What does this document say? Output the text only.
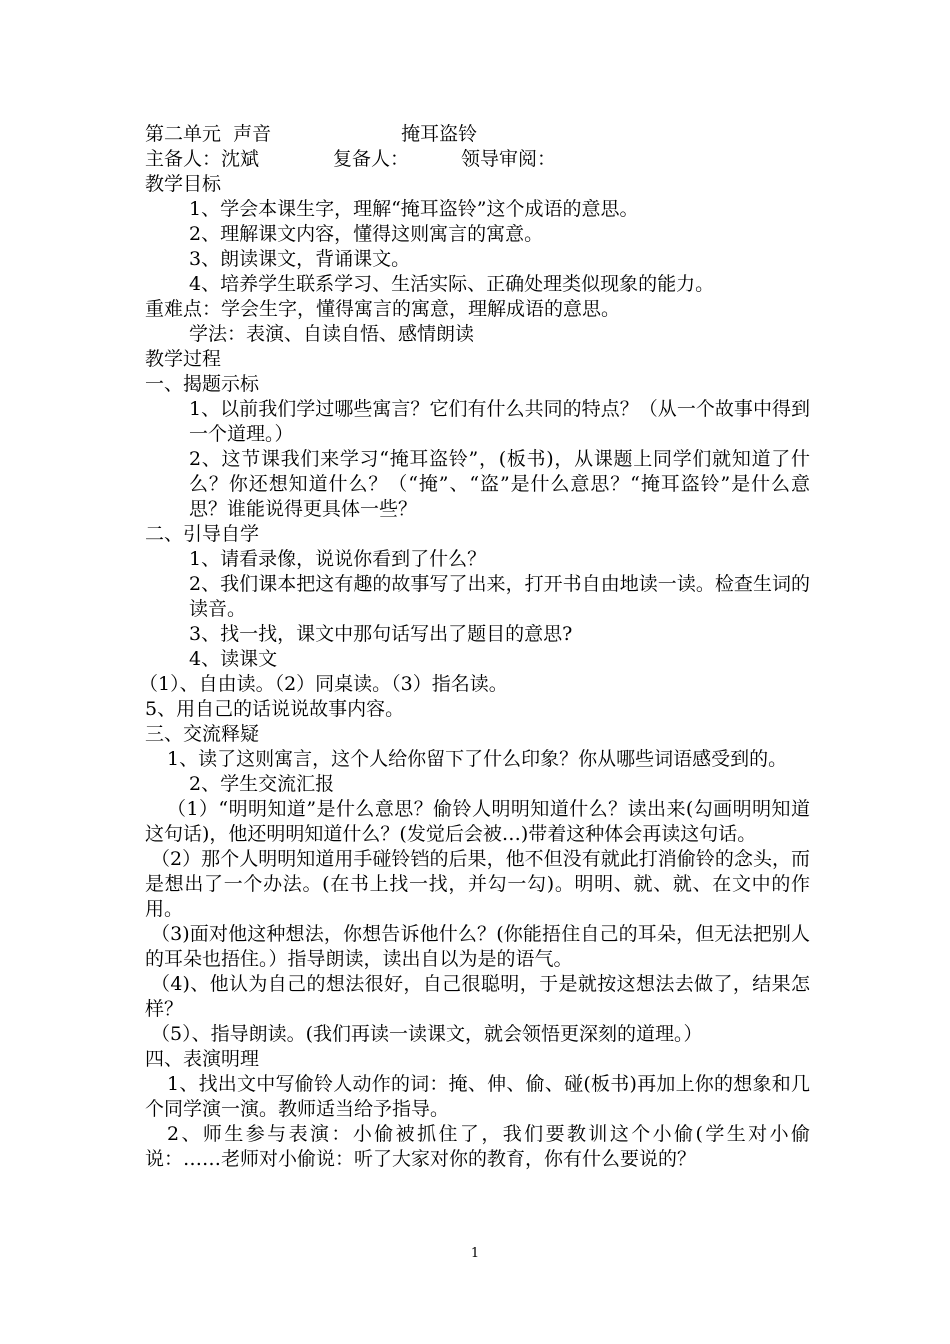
第二单元  声音	掩耳盗铃
主备人：沈斌	复备人：	领导审阅：

教学目标

1、学会本课生字，理解“掩耳盗铃”这个成语的意思。

2、理解课文内容，懂得这则寓言的寓意。

3、朗读课文，背诵课文。

4、培养学生联系学习、生活实际、正确处理类似现象的能力。

重难点：学会生字，懂得寓言的寓意，理解成语的意思。

学法：表演、自读自悟、感情朗读

教学过程

一、揭题示标

1、以前我们学过哪些寓言？它们有什么共同的特点？（从一个故事中得到一个道理。）

2、这节课我们来学习“掩耳盗铃”，(板书)，从课题上同学们就知道了什么？你还想知道什么？（“掩”、“盗”是什么意思？“掩耳盗铃”是什么意思？谁能说得更具体一些？

二、引导自学

1、请看录像，说说你看到了什么？

2、我们课本把这有趣的故事写了出来，打开书自由地读一读。检查生词的读音。

3、找一找，课文中那句话写出了题目的意思?

4、读课文

（1）、自由读。（2）同桌读。（3）指名读。

5、用自己的话说说故事内容。

三、交流释疑

1、读了这则寓言，这个人给你留下了什么印象？你从哪些词语感受到的。

2、学生交流汇报

（1）“明明知道”是什么意思？偷铃人明明知道什么？读出来(勾画明明知道这句话)，他还明明知道什么？(发觉后会被…)带着这种体会再读这句话。

（2）那个人明明知道用手碰铃铛的后果，他不但没有就此打消偷铃的念头，而是想出了一个办法。(在书上找一找，并勾一勾)。明明、就、就、在文中的作用。

（3)面对他这种想法，你想告诉他什么？(你能捂住自己的耳朵，但无法把别人的耳朵也捂住。）指导朗读，读出自以为是的语气。

（4)、他认为自己的想法很好，自己很聪明，于是就按这想法去做了，结果怎样？

（5）、指导朗读。(我们再读一读课文，就会领悟更深刻的道理。）

四、表演明理

1、找出文中写偷铃人动作的词：掩、伸、偷、碰(板书)再加上你的想象和几个同学演一演。教师适当给予指导。

2、师生参与表演：小偷被抓住了，我们要教训这个小偷(学生对小偷说：……老师对小偷说：听了大家对你的教育，你有什么要说的？

1
